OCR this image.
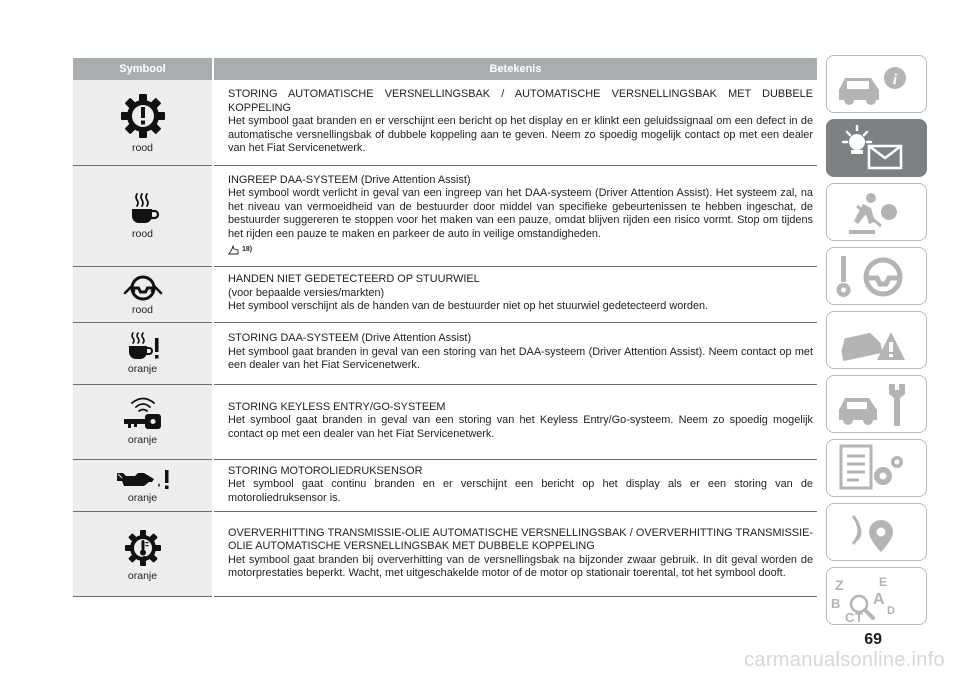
Symbool	Betekenis

rood	STORING AUTOMATISCHE VERSNELLINGSBAK / AUTOMATISCHE VERSNELLINGSBAK MET DUBBELE KOPPELING
Het symbool gaat branden en er verschijnt een bericht op het display en er klinkt een geluidssignaal om een defect in de automatische versnellingsbak of dubbele koppeling aan te geven. Neem zo spoedig mogelijk contact op met een dealer van het Fiat Servicenetwerk.

rood	INGREEP DAA-SYSTEEM (Drive Attention Assist)
Het symbool wordt verlicht in geval van een ingreep van het DAA-systeem (Driver Attention Assist). Het systeem zal, na het niveau van vermoeidheid van de bestuurder door middel van specifieke gebeurtenissen te hebben ingeschat, de bestuurder suggereren te stoppen voor het maken van een pauze, omdat blijven rijden een risico vormt. Stop om tijdens het rijden een pauze te maken en parkeer de auto in veilige omstandigheden.
18)

rood	HANDEN NIET GEDETECTEERD OP STUURWIEL
(voor bepaalde versies/markten)
Het symbool verschijnt als de handen van de bestuurder niet op het stuurwiel gedetecteerd worden.

oranje	STORING DAA-SYSTEEM (Drive Attention Assist)
Het symbool gaat branden in geval van een storing van het DAA-systeem (Driver Attention Assist). Neem contact op met een dealer van het Fiat Servicenetwerk.

oranje	STORING KEYLESS ENTRY/GO-SYSTEEM
Het symbool gaat branden in geval van een storing van het Keyless Entry/Go-systeem. Neem zo spoedig mogelijk contact op met een dealer van het Fiat Servicenetwerk.

oranje	STORING MOTOROLIEDRUKSENSOR
Het symbool gaat continu branden en er verschijnt een bericht op het display als er een storing van de motoroliedruksensor is.

oranje	OVERVERHITTING TRANSMISSIE-OLIE AUTOMATISCHE VERSNELLINGSBAK / OVERVERHITTING TRANSMISSIE-OLIE AUTOMATISCHE VERSNELLINGSBAK MET DUBBELE KOPPELING
Het symbool gaat branden bij oververhitting van de versnellingsbak na bijzonder zwaar gebruik. In dit geval worden de motorprestaties beperkt. Wacht, met uitgeschakelde motor of de motor op stationair toerental, tot het symbool dooft.
i
Z	E
A
B
C T D
69
carmanualsonline.info
